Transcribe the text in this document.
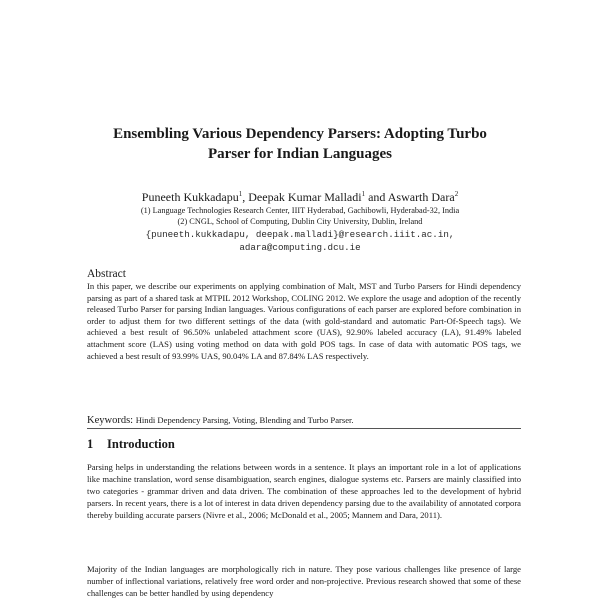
Ensembling Various Dependency Parsers: Adopting Turbo
Parser for Indian Languages
Puneeth Kukkadapu$^1$, Deepak Kumar Malladi$^1$ and Aswarth Dara$^2$
(1) Language Technologies Research Center, IIIT Hyderabad, Gachibowli, Hyderabad-32, India
(2) CNGL, School of Computing, Dublin City University, Dublin, Ireland
{puneeth.kukkadapu, deepak.malladi}@research.iiit.ac.in,
adara@computing.dcu.ie
Abstract
In this paper, we describe our experiments on applying combination of Malt, MST and Turbo Parsers for Hindi dependency parsing as part of a shared task at MTPIL 2012 Workshop, COLING 2012. We explore the usage and adoption of the recently released Turbo Parser for parsing Indian languages. Various configurations of each parser are explored before combination in order to adjust them for two different settings of the data (with gold-standard and automatic Part-Of-Speech tags). We achieved a best result of 96.50% unlabeled attachment score (UAS), 92.90% labeled accuracy (LA), 91.49% labeled attachment score (LAS) using voting method on data with gold POS tags. In case of data with automatic POS tags, we achieved a best result of 93.99% UAS, 90.04% LA and 87.84% LAS respectively.
Keywords: Hindi Dependency Parsing, Voting, Blending and Turbo Parser.
1 Introduction
Parsing helps in understanding the relations between words in a sentence. It plays an important role in a lot of applications like machine translation, word sense disambiguation, search engines, dialogue systems etc. Parsers are mainly classified into two categories - grammar driven and data driven. The combination of these approaches led to the development of hybrid parsers. In recent years, there is a lot of interest in data driven dependency parsing due to the availability of annotated corpora thereby building accurate parsers (Nivre et al., 2006; McDonald et al., 2005; Mannem and Dara, 2011).
Majority of the Indian languages are morphologically rich in nature. They pose various challenges like presence of large number of inflectional variations, relatively free word order and non-projective. Previous research showed that some of these challenges can be better handled by using dependency
